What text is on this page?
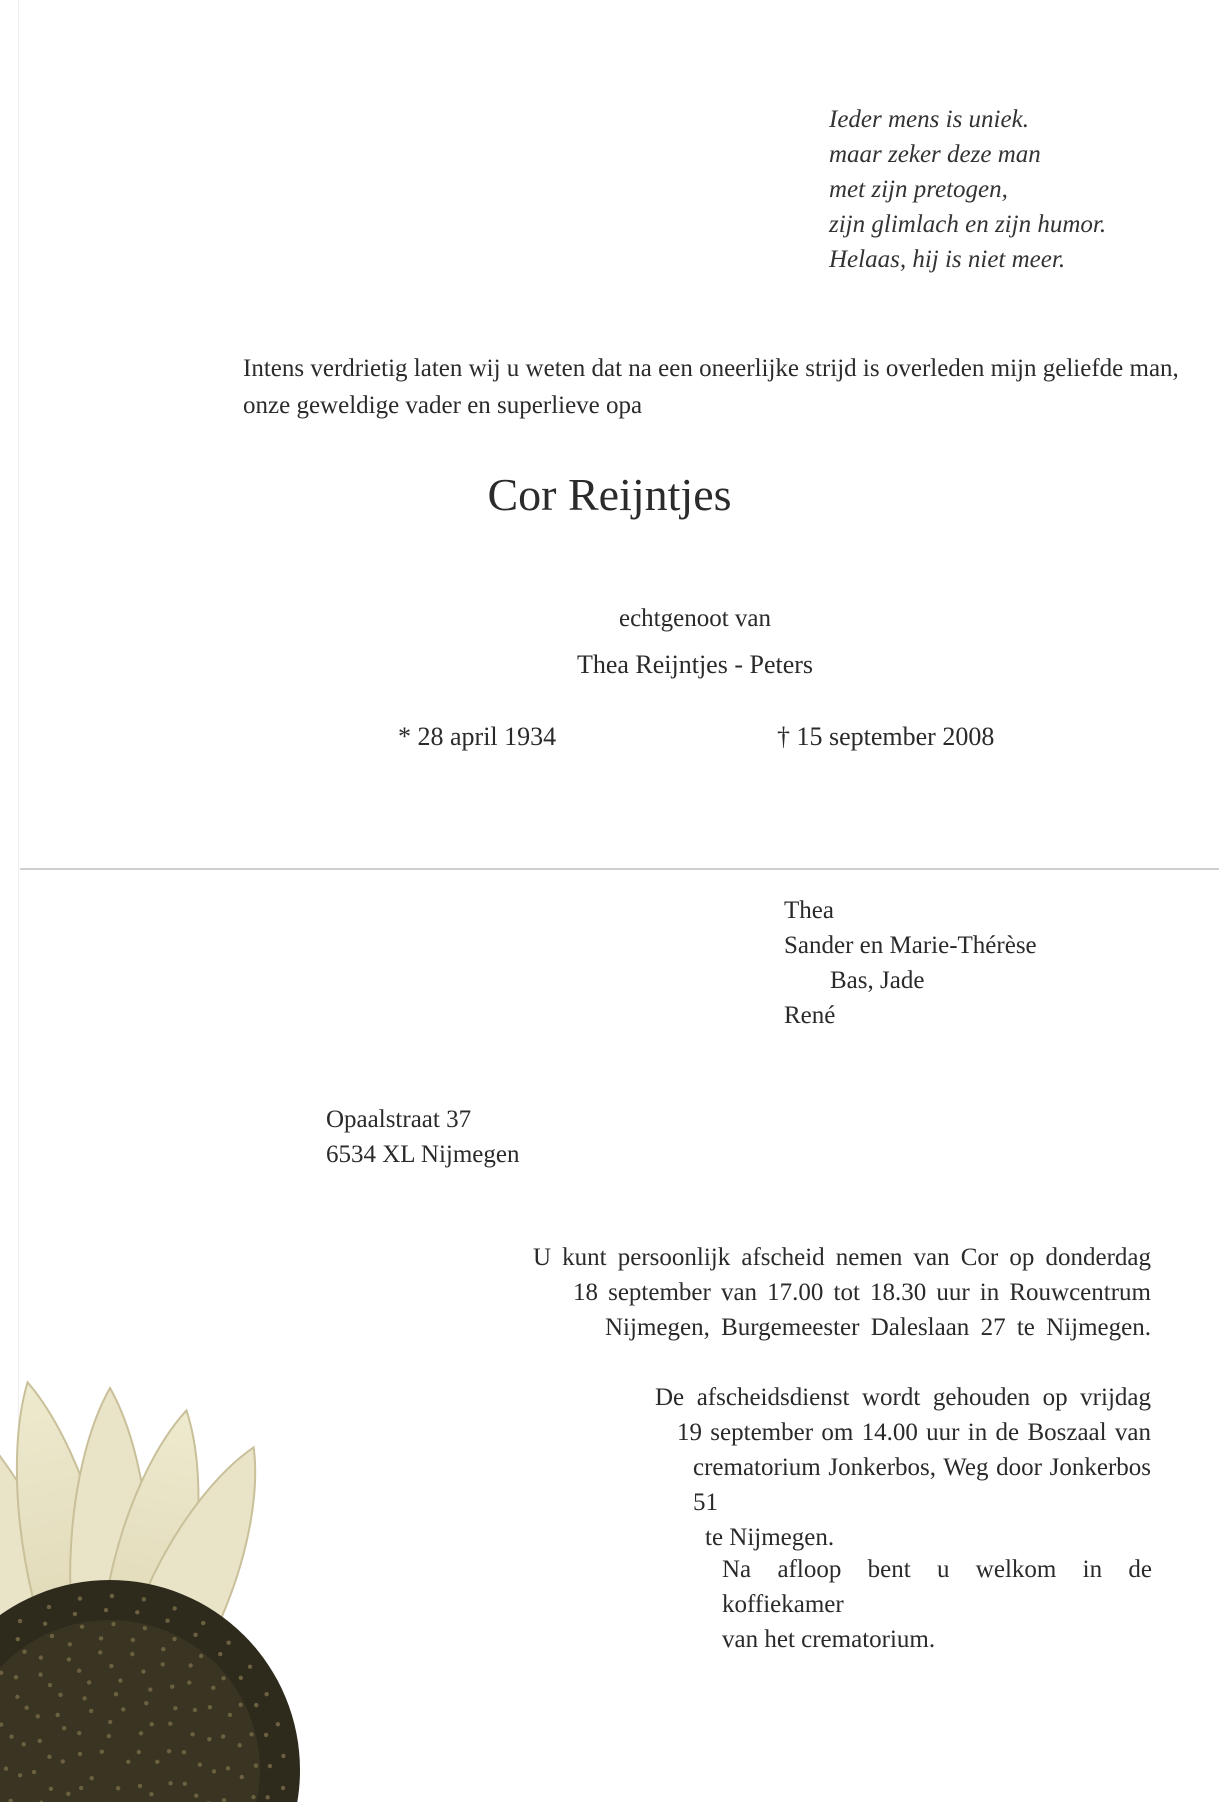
Ieder mens is uniek.
maar zeker deze man
met zijn pretogen,
zijn glimlach en zijn humor.
Helaas, hij is niet meer.
Intens verdrietig laten wij u weten dat na een oneerlijke strijd is overleden mijn geliefde man,
onze geweldige vader en superlieve opa
Cor Reijntjes
echtgenoot van
Thea Reijntjes - Peters
* 28 april 1934	† 15 september 2008
Thea
Sander en Marie-Thérèse
Bas, Jade
René
Opaalstraat 37
6534 XL Nijmegen
U kunt persoonlijk afscheid nemen van Cor op donderdag
18 september van 17.00 tot 18.30 uur in Rouwcentrum
Nijmegen, Burgemeester Daleslaan 27 te Nijmegen.
De afscheidsdienst wordt gehouden op vrijdag
19 september om 14.00 uur in de Boszaal van
crematorium Jonkerbos, Weg door Jonkerbos 51
te Nijmegen.
Na afloop bent u welkom in de koffiekamer
van het crematorium.
